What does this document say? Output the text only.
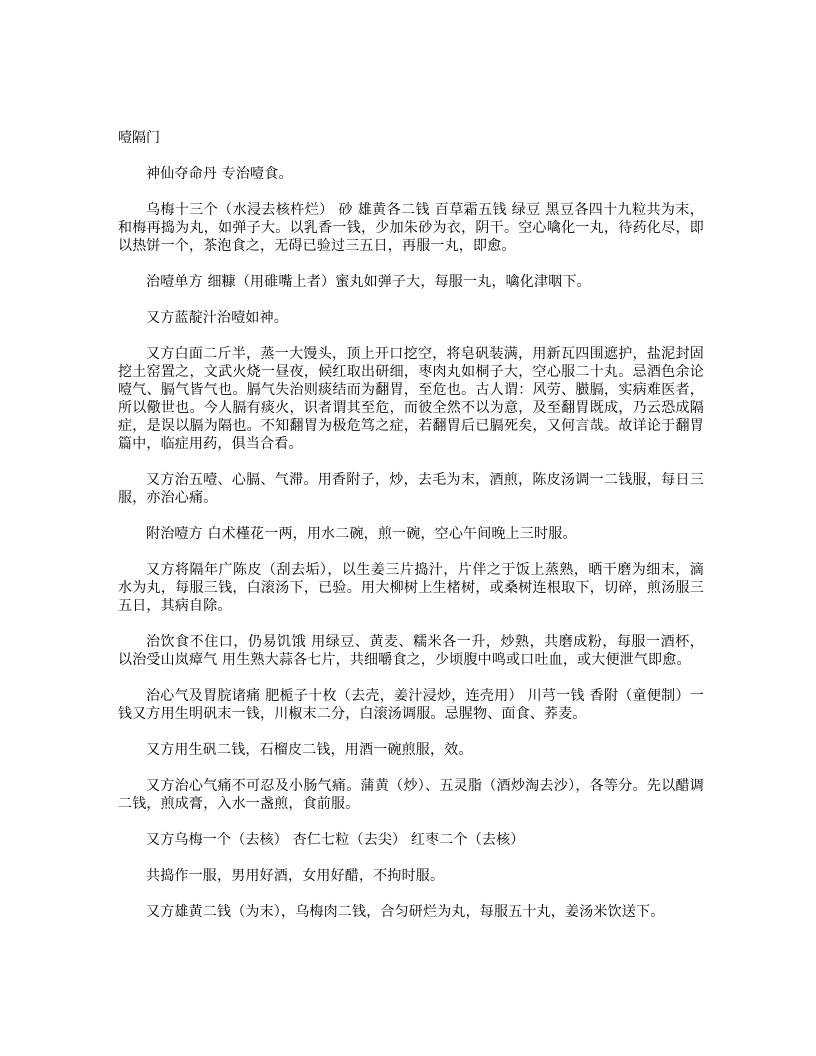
噎隔门

神仙夺命丹 专治噎食。

乌梅十三个（水浸去核杵烂） 砂 雄黄各二钱 百草霜五钱 绿豆 黑豆各四十九粒共为末，和梅再捣为丸，如弹子大。以乳香一钱，少加朱砂为衣，阴干。空心噙化一丸，待药化尽，即以热饼一个，茶泡食之，无碍已验过三五日，再服一丸，即愈。

治噎单方 细糠（用碓嘴上者）蜜丸如弹子大，每服一丸，噙化津咽下。

又方蓝靛汁治噎如神。

又方白面二斤半，蒸一大馒头，顶上开口挖空，将皂矾装满，用新瓦四围遮护，盐泥封固挖土窑置之，文武火烧一昼夜，候红取出研细，枣肉丸如桐子大，空心服二十丸。忌酒色余论噎气、膈气皆气也。膈气失治则痰结而为翻胃，至危也。古人谓：风劳、臌膈，实病难医者，所以儆世也。今人膈有痰火，识者谓其至危，而彼全然不以为意，及至翻胃既成，乃云恐成隔症，是误以膈为隔也。不知翻胃为极危笃之症，若翻胃后已膈死矣，又何言哉。故详论于翻胃篇中，临症用药，俱当合看。

又方治五噎、心膈、气滞。用香附子，炒，去毛为末，酒煎，陈皮汤调一二钱服，每日三服，亦治心痛。

附治噎方 白术槿花一两，用水二碗，煎一碗，空心午间晚上三时服。

又方将隔年广陈皮（刮去垢），以生姜三片捣汁，片伴之于饭上蒸熟，晒干磨为细末，滴水为丸，每服三钱，白滚汤下，已验。用大柳树上生楮树，或桑树连根取下，切碎，煎汤服三五日，其病自除。

治饮食不住口，仍易饥饿 用绿豆、黄麦、糯米各一升，炒熟，共磨成粉，每服一酒杯，以治受山岚瘴气 用生熟大蒜各七片，共细嚼食之，少顷腹中鸣或口吐血，或大便泄气即愈。

治心气及胃脘诸痛 肥栀子十枚（去壳，姜汁浸炒，连壳用） 川芎一钱 香附（童便制）一钱又方用生明矾末一钱，川椒末二分，白滚汤调服。忌腥物、面食、荞麦。

又方用生矾二钱，石榴皮二钱，用酒一碗煎服，效。

又方治心气痛不可忍及小肠气痛。蒲黄（炒）、五灵脂（酒炒淘去沙），各等分。先以醋调二钱，煎成膏，入水一盏煎，食前服。

又方乌梅一个（去核） 杏仁七粒（去尖） 红枣二个（去核）

共捣作一服，男用好酒，女用好醋，不拘时服。

又方雄黄二钱（为末），乌梅肉二钱，合匀研烂为丸，每服五十丸，姜汤米饮送下。
